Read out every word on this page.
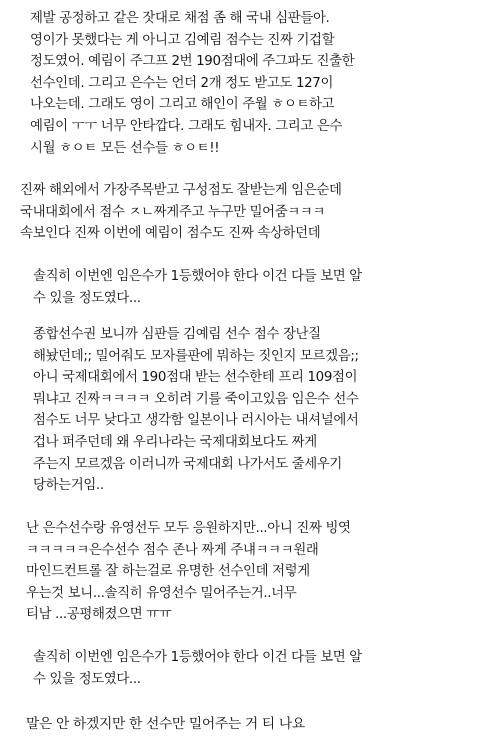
제발 공정하고 같은 잣대로 채점 좀 해 국내 심판들아.
영이가 못했다는 게 아니고 김예림 점수는 진짜 기겁할
정도였어. 예림이 주그프 2번 190점대에 주그파도 진출한
선수인데. 그리고 은수는 언더 2개 정도 받고도 127이
나오는데. 그래도 영이 그리고 해인이 주월 ㅎㅇㅌ하고
예림이 ㅜㅜ 너무 안타깝다. 그래도 힘내자. 그리고 은수
시월 ㅎㅇㅌ 모든 선수들 ㅎㅇㅌ!!
진짜 해외에서 가장주목받고 구성점도 잘받는게 임은순데
국내대회에서 점수 ㅈㄴ짜게주고 누구만 밀어줌ㅋㅋㅋ
속보인다 진짜 이번에 예림이 점수도 진짜 속상하던데
솔직히 이번엔 임은수가 1등했어야 한다 이건 다들 보면 알
수 있을 정도였다...
종합선수권 보니까 심판들 김예림 선수 점수 장난질
해놨던데;; 밀어줘도 모자를판에 뭐하는 짓인지 모르겠음;;
아니 국제대회에서 190점대 받는 선수한테 프리 109점이
뭐냐고 진짜ㅋㅋㅋㅋ 오히려 기를 죽이고있음 임은수 선수
점수도 너무 낮다고 생각함 일본이나 러시아는 내셔널에서
겁나 퍼주던데 왜 우리나라는 국제대회보다도 짜게
주는지 모르겠음 이러니까 국제대회 나가서도 줄세우기
당하는거임..
난 은수선수랑 유영선두 모두 응원하지만...아니 진짜 빙엿
ㅋㅋㅋㅋㅋ은수선수 점수 존나 짜게 주냬ㅋㅋㅋ원래
마인드컨트롤 잘 하는걸로 유명한 선수인데 저렇게
우는것 보니...솔직히 유영선수 밀어주는거..너무
티남 ...공평해졌으면 ㅠㅠ
솔직히 이번엔 임은수가 1등했어야 한다 이건 다들 보면 알
수 있을 정도였다...
말은 안 하겠지만 한 선수만 밀어주는 거 티 나요
